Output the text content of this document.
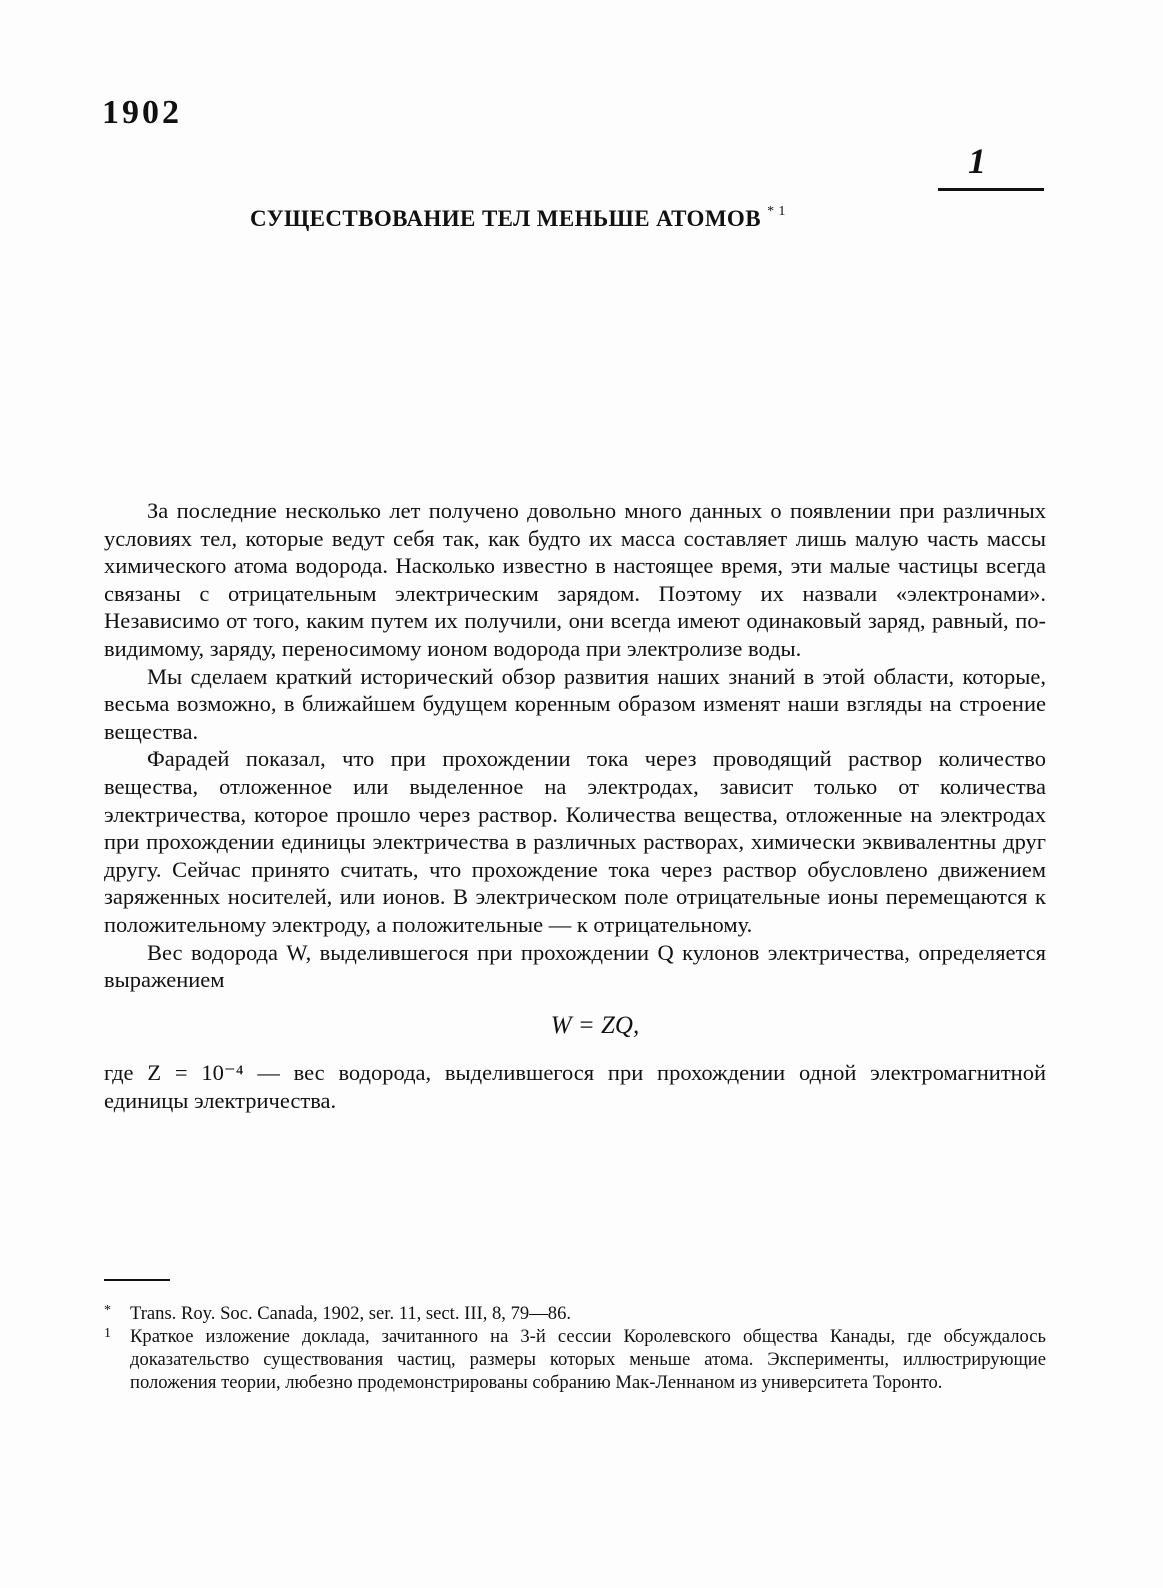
1902
1
СУЩЕСТВОВАНИЕ ТЕЛ МЕНЬШЕ АТОМОВ $^{* 1}$

За последние несколько лет получено довольно много данных о появлении при различных условиях тел, которые ведут себя так, как будто их масса составляет лишь малую часть массы химического атома водорода. Насколько известно в настоящее время, эти малые частицы всегда связаны с отрицательным электрическим зарядом. Поэтому их назвали «электронами». Независимо от того, каким путем их получили, они всегда имеют одинаковый заряд, равный, по-видимому, заряду, переносимому ионом водорода при электролизе воды.

Мы сделаем краткий исторический обзор развития наших знаний в этой области, которые, весьма возможно, в ближайшем будущем коренным образом изменят наши взгляды на строение вещества.

Фарадей показал, что при прохождении тока через проводящий раствор количество вещества, отложенное или выделенное на электродах, зависит только от количества электричества, которое прошло через раствор. Количества вещества, отложенные на электродах при прохождении единицы электричества в различных растворах, химически эквивалентны друг другу. Сейчас принято считать, что прохождение тока через раствор обусловлено движением заряженных носителей, или ионов. В электрическом поле отрицательные ионы перемещаются к положительному электроду, а положительные — к отрицательному.

Вес водорода W, выделившегося при прохождении Q кулонов электричества, определяется выражением

W = ZQ,

где Z = 10⁻⁴ — вес водорода, выделившегося при прохождении одной электромагнитной единицы электричества.

* Trans. Roy. Soc. Canada, 1902, ser. 11, sect. III, 8, 79—86.

1 Краткое изложение доклада, зачитанного на 3-й сессии Королевского общества Канады, где обсуждалось доказательство существования частиц, размеры которых меньше атома. Эксперименты, иллюстрирующие положения теории, любезно продемонстрированы собранию Мак-Леннаном из университета Торонто.
